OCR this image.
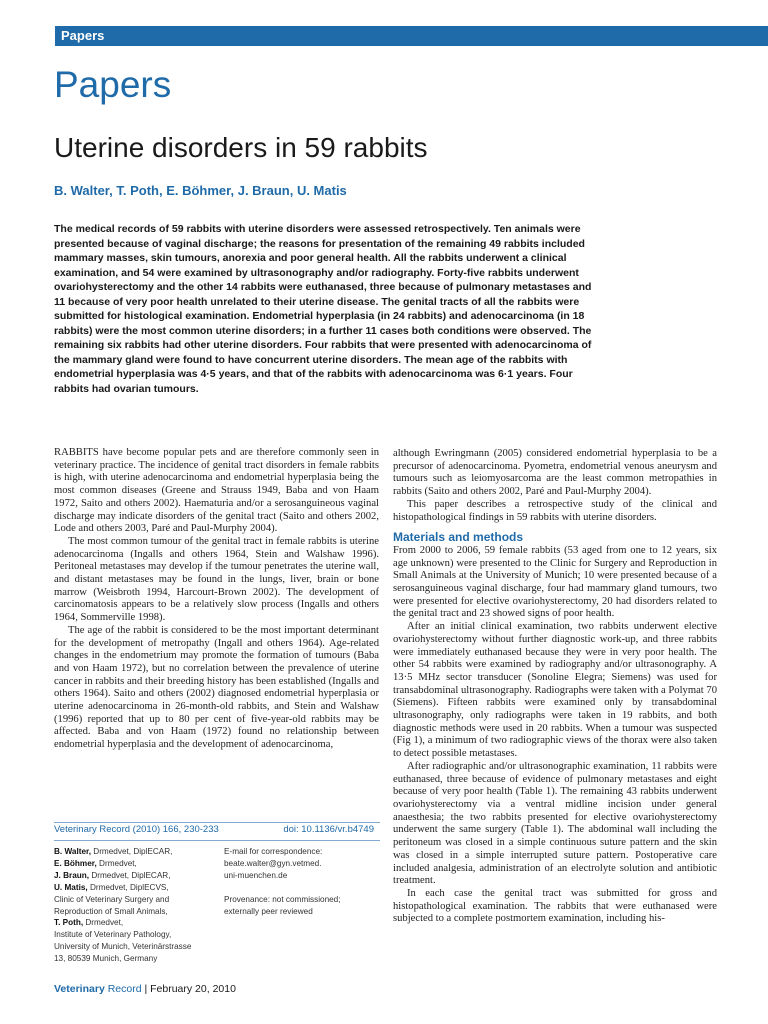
Papers
Papers
Uterine disorders in 59 rabbits
B. Walter, T. Poth, E. Böhmer, J. Braun, U. Matis
The medical records of 59 rabbits with uterine disorders were assessed retrospectively. Ten animals were presented because of vaginal discharge; the reasons for presentation of the remaining 49 rabbits included mammary masses, skin tumours, anorexia and poor general health. All the rabbits underwent a clinical examination, and 54 were examined by ultrasonography and/or radiography. Forty-five rabbits underwent ovariohysterectomy and the other 14 rabbits were euthanased, three because of pulmonary metastases and 11 because of very poor health unrelated to their uterine disease. The genital tracts of all the rabbits were submitted for histological examination. Endometrial hyperplasia (in 24 rabbits) and adenocarcinoma (in 18 rabbits) were the most common uterine disorders; in a further 11 cases both conditions were observed. The remaining six rabbits had other uterine disorders. Four rabbits that were presented with adenocarcinoma of the mammary gland were found to have concurrent uterine disorders. The mean age of the rabbits with endometrial hyperplasia was 4·5 years, and that of the rabbits with adenocarcinoma was 6·1 years. Four rabbits had ovarian tumours.

RABBITS have become popular pets and are therefore commonly seen in veterinary practice. The incidence of genital tract disorders in female rabbits is high, with uterine adenocarcinoma and endometrial hyperplasia being the most common diseases (Greene and Strauss 1949, Baba and von Haam 1972, Saito and others 2002). Haematuria and/or a serosanguineous vaginal discharge may indicate disorders of the genital tract (Saito and others 2002, Lode and others 2003, Paré and Paul-Murphy 2004).

The most common tumour of the genital tract in female rabbits is uterine adenocarcinoma (Ingalls and others 1964, Stein and Walshaw 1996). Peritoneal metastases may develop if the tumour penetrates the uterine wall, and distant metastases may be found in the lungs, liver, brain or bone marrow (Weisbroth 1994, Harcourt-Brown 2002). The development of carcinomatosis appears to be a relatively slow process (Ingalls and others 1964, Sommerville 1998).

The age of the rabbit is considered to be the most important determinant for the development of metropathy (Ingall and others 1964). Age-related changes in the endometrium may promote the formation of tumours (Baba and von Haam 1972), but no correlation between the prevalence of uterine cancer in rabbits and their breeding history has been established (Ingalls and others 1964). Saito and others (2002) diagnosed endometrial hyperplasia or uterine adenocarcinoma in 26-month-old rabbits, and Stein and Walshaw (1996) reported that up to 80 per cent of five-year-old rabbits may be affected. Baba and von Haam (1972) found no relationship between endometrial hyperplasia and the development of adenocarcinoma,

although Ewringmann (2005) considered endometrial hyperplasia to be a precursor of adenocarcinoma. Pyometra, endometrial venous aneurysm and tumours such as leiomyosarcoma are the least common metropathies in rabbits (Saito and others 2002, Paré and Paul-Murphy 2004).

This paper describes a retrospective study of the clinical and histopathological findings in 59 rabbits with uterine disorders.

Materials and methods

From 2000 to 2006, 59 female rabbits (53 aged from one to 12 years, six age unknown) were presented to the Clinic for Surgery and Reproduction in Small Animals at the University of Munich; 10 were presented because of a serosanguineous vaginal discharge, four had mammary gland tumours, two were presented for elective ovariohysterectomy, 20 had disorders related to the genital tract and 23 showed signs of poor health.

After an initial clinical examination, two rabbits underwent elective ovariohysterectomy without further diagnostic work-up, and three rabbits were immediately euthanased because they were in very poor health. The other 54 rabbits were examined by radiography and/or ultrasonography. A 13·5 MHz sector transducer (Sonoline Elegra; Siemens) was used for transabdominal ultrasonography. Radiographs were taken with a Polymat 70 (Siemens). Fifteen rabbits were examined only by transabdominal ultrasonography, only radiographs were taken in 19 rabbits, and both diagnostic methods were used in 20 rabbits. When a tumour was suspected (Fig 1), a minimum of two radiographic views of the thorax were also taken to detect possible metastases.

After radiographic and/or ultrasonographic examination, 11 rabbits were euthanased, three because of evidence of pulmonary metastases and eight because of very poor health (Table 1). The remaining 43 rabbits underwent ovariohysterectomy via a ventral midline incision under general anaesthesia; the two rabbits presented for elective ovariohysterectomy underwent the same surgery (Table 1). The abdominal wall including the peritoneum was closed in a simple continuous suture pattern and the skin was closed in a simple interrupted suture pattern. Postoperative care included analgesia, administration of an electrolyte solution and antibiotic treatment.

In each case the genital tract was submitted for gross and histopathological examination. The rabbits that were euthanased were subjected to a complete postmortem examination, including his-

Veterinary Record (2010) 166, 230-233	doi: 10.1136/vr.b4749
B. Walter, Drmedvet, DiplECAR,
E. Böhmer, Drmedvet,
J. Braun, Drmedvet, DiplECAR,
U. Matis, Drmedvet, DiplECVS,
Clinic of Veterinary Surgery and
Reproduction of Small Animals,
T. Poth, Drmedvet,
Institute of Veterinary Pathology,
University of Munich, Veterinärstrasse
13, 80539 Munich, Germany
E-mail for correspondence:
beate.walter@gyn.vetmed.
uni-muenchen.de
Provenance: not commissioned;
externally peer reviewed
Veterinary Record | February 20, 2010
